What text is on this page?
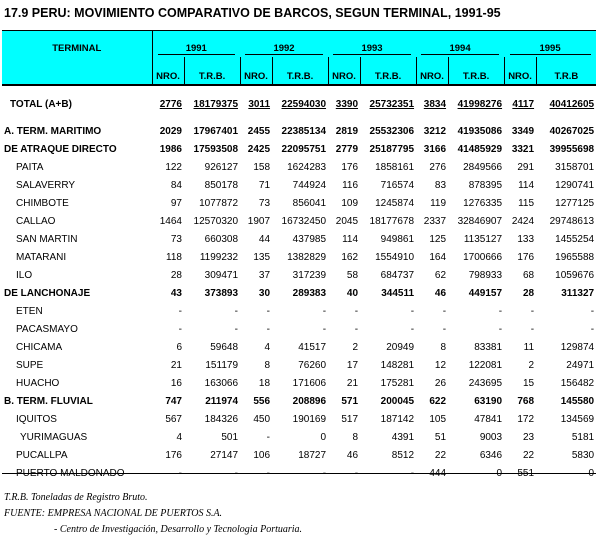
17.9 PERU: MOVIMIENTO COMPARATIVO DE BARCOS, SEGUN TERMINAL, 1991-95
TERMINAL	1991		1992		1993		1994		1995	
	NRO.	T.R.B.	NRO.	T.R.B.	NRO.	T.R.B.	NRO.	T.R.B.	NRO.	T.R.B

TOTAL (A+B)	2776	18179375	3011	22594030	3390	25732351	3834	41998276	4117	40412605

A. TERM. MARITIMO	2029	17967401	2455	22385134	2819	25532306	3212	41935086	3349	40267025
DE ATRAQUE DIRECTO	1986	17593508	2425	22095751	2779	25187795	3166	41485929	3321	39955698
PAITA	122	926127	158	1624283	176	1858161	276	2849566	291	3158701
SALAVERRY	84	850178	71	744924	116	716574	83	878395	114	1290741
CHIMBOTE	97	1077872	73	856041	109	1245874	119	1276335	115	1277125
CALLAO	1464	12570320	1907	16732450	2045	18177678	2337	32846907	2424	29748613
SAN MARTIN	73	660308	44	437985	114	949861	125	1135127	133	1455254
MATARANI	118	1199232	135	1382829	162	1554910	164	1700666	176	1965588
ILO	28	309471	37	317239	58	684737	62	798933	68	1059676
DE LANCHONAJE	43	373893	30	289383	40	344511	46	449157	28	311327
ETEN	-	-	-	-	-	-	-	-	-	-
PACASMAYO	-	-	-	-	-	-	-	-	-	-
CHICAMA	6	59648	4	41517	2	20949	8	83381	11	129874
SUPE	21	151179	8	76260	17	148281	12	122081	2	24971
HUACHO	16	163066	18	171606	21	175281	26	243695	15	156482
B. TERM. FLUVIAL	747	211974	556	208896	571	200045	622	63190	768	145580
IQUITOS	567	184326	450	190169	517	187142	105	47841	172	134569
YURIMAGUAS	4	501	-	0	8	4391	51	9003	23	5181
PUCALLPA	176	27147	106	18727	46	8512	22	6346	22	5830
PUERTO MALDONADO	-	-	-	-	-	-	444	0	551	0
T.R.B. Toneladas de Registro Bruto.
FUENTE: EMPRESA NACIONAL DE PUERTOS S.A.
- Centro de Investigación, Desarrollo y Tecnologia Portuaria.
